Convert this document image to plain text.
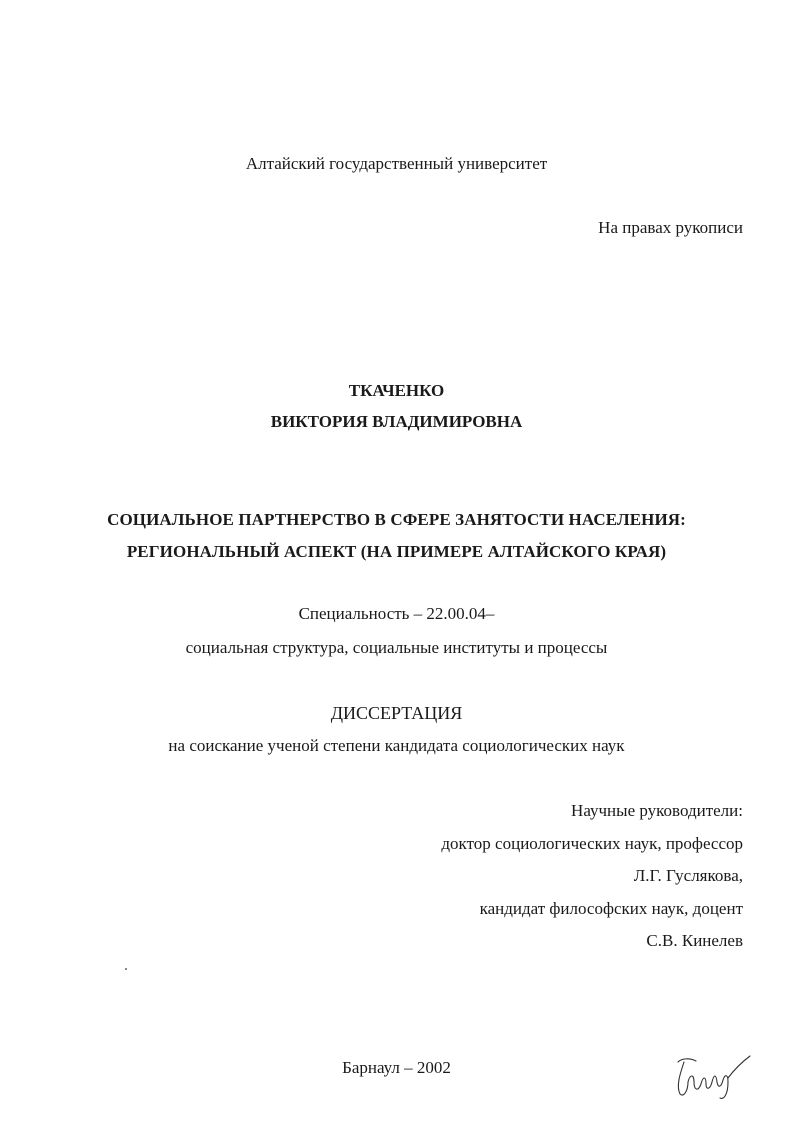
Алтайский государственный университет
На правах рукописи
ТКАЧЕНКО
ВИКТОРИЯ ВЛАДИМИРОВНА
СОЦИАЛЬНОЕ ПАРТНЕРСТВО В СФЕРЕ ЗАНЯТОСТИ НАСЕЛЕНИЯ:
РЕГИОНАЛЬНЫЙ АСПЕКТ (НА ПРИМЕРЕ АЛТАЙСКОГО КРАЯ)
Специальность – 22.00.04–
социальная структура, социальные институты и процессы
ДИССЕРТАЦИЯ
на соискание ученой степени кандидата социологических наук
Научные руководители:
доктор социологических наук, профессор
Л.Г. Гуслякова,
кандидат философских наук, доцент
С.В. Кинелев
Барнаул – 2002
